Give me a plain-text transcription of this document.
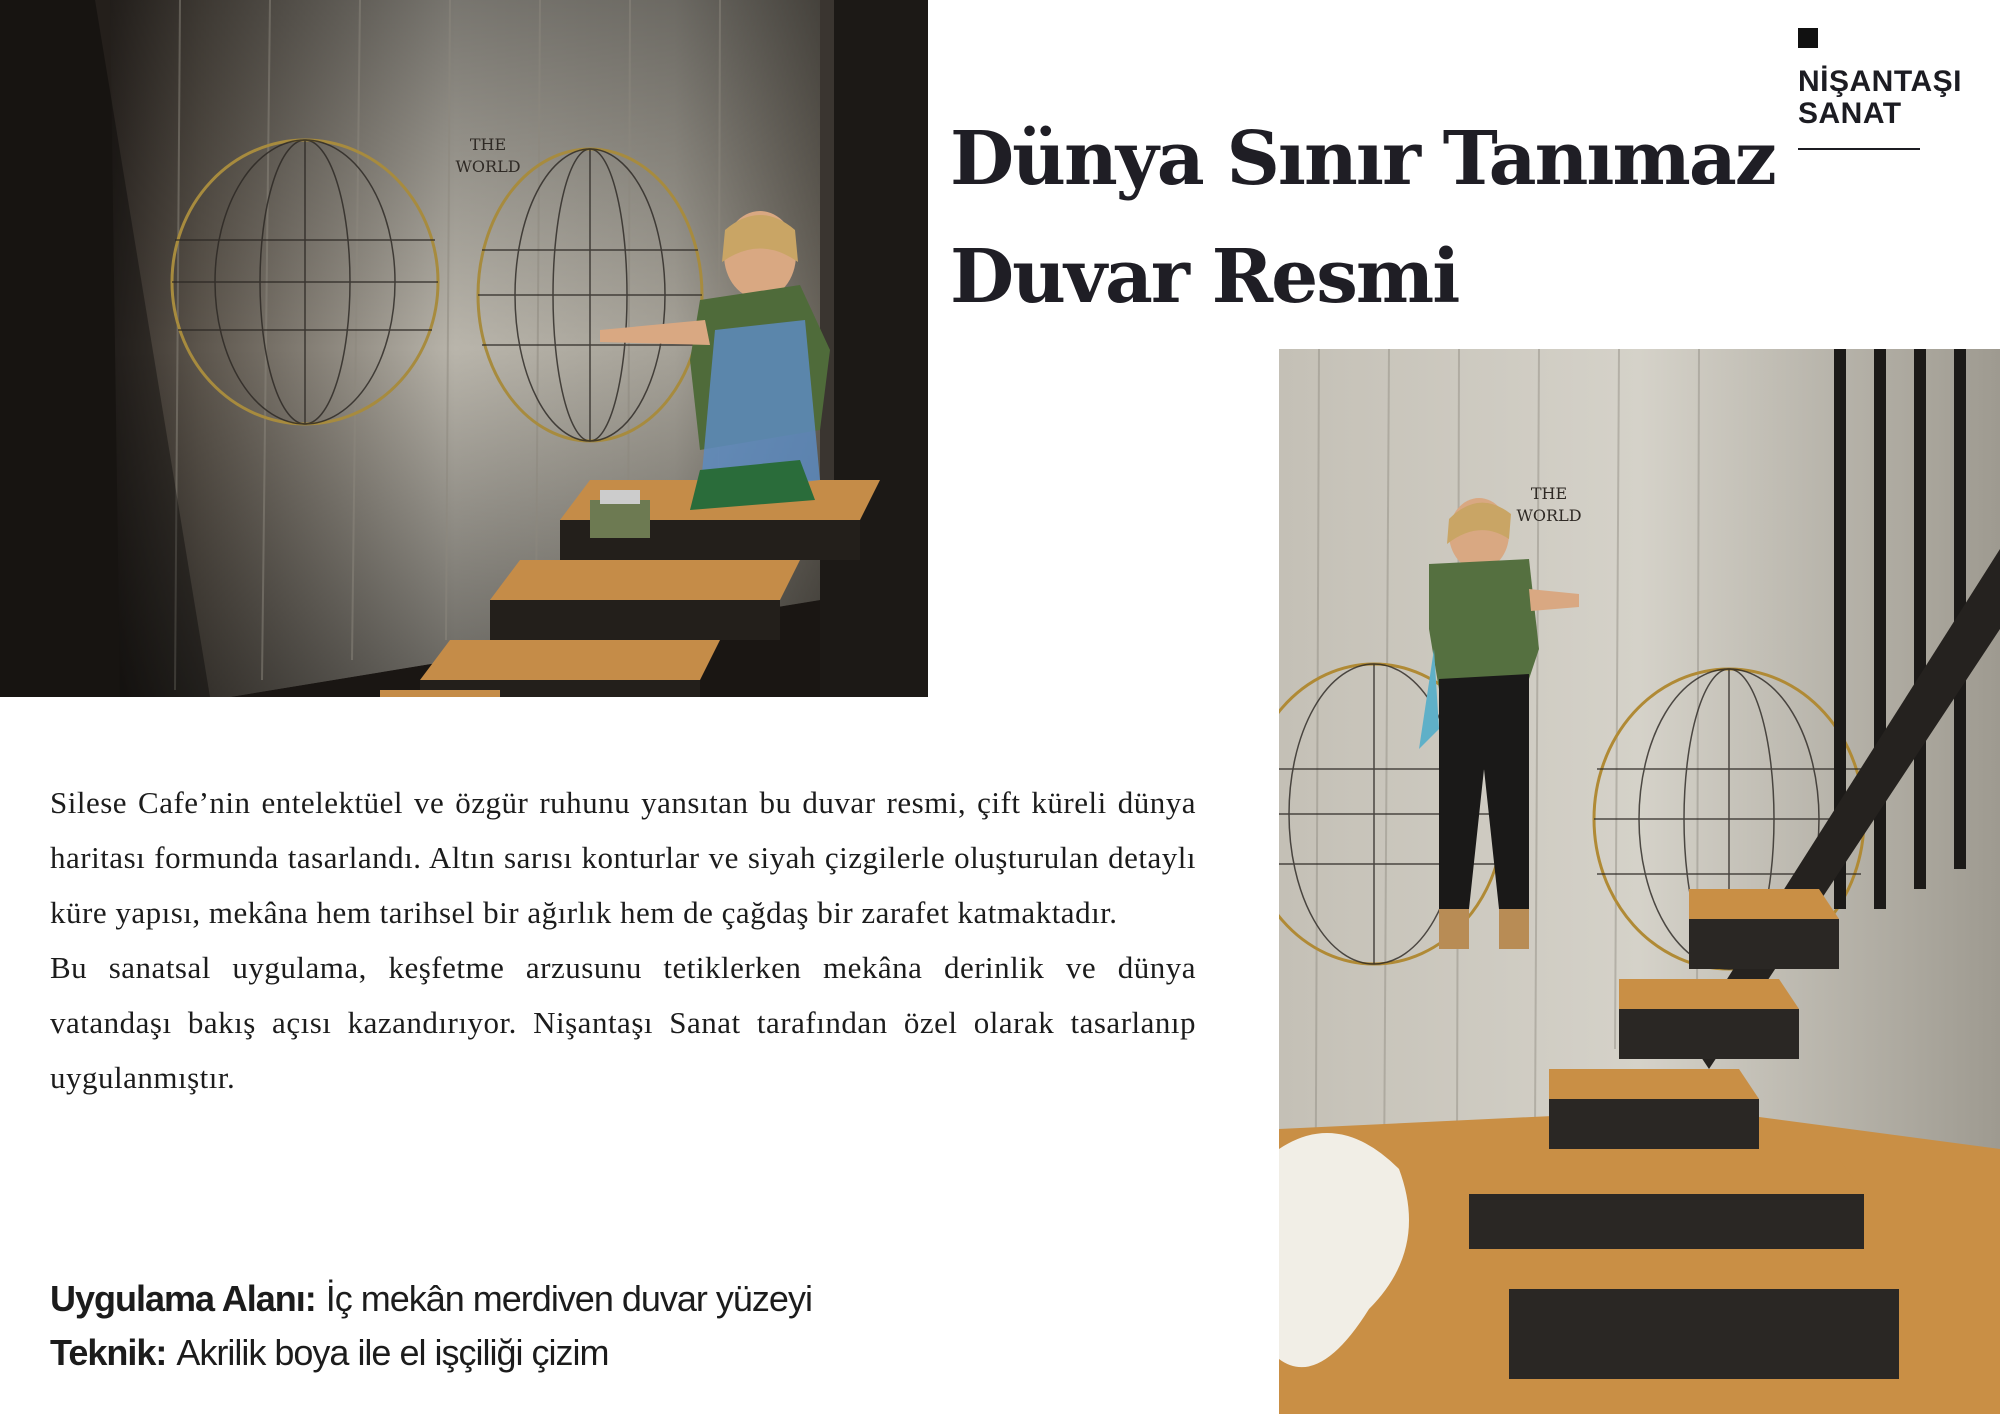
THE
WORLD
NİŞANTAŞI
SANAT
Dünya Sınır Tanımaz
Duvar Resmi
THE
WORLD

Silese Cafe’nin entelektüel ve özgür ruhunu yansıtan bu duvar resmi, çift küreli dünya haritası formunda tasarlandı. Altın sarısı konturlar ve siyah çizgilerle oluşturulan detaylı küre yapısı, mekâna hem tarihsel bir ağırlık hem de çağdaş bir zarafet katmaktadır.

Bu sanatsal uygulama, keşfetme arzusunu tetiklerken mekâna derinlik ve dünya vatandaşı bakış açısı kazandırıyor. Nişantaşı Sanat tarafından özel olarak tasarlanıp uygulanmıştır.

Uygulama Alanı: İç mekân merdiven duvar yüzeyi
Teknik: Akrilik boya ile el işçiliği çizim
